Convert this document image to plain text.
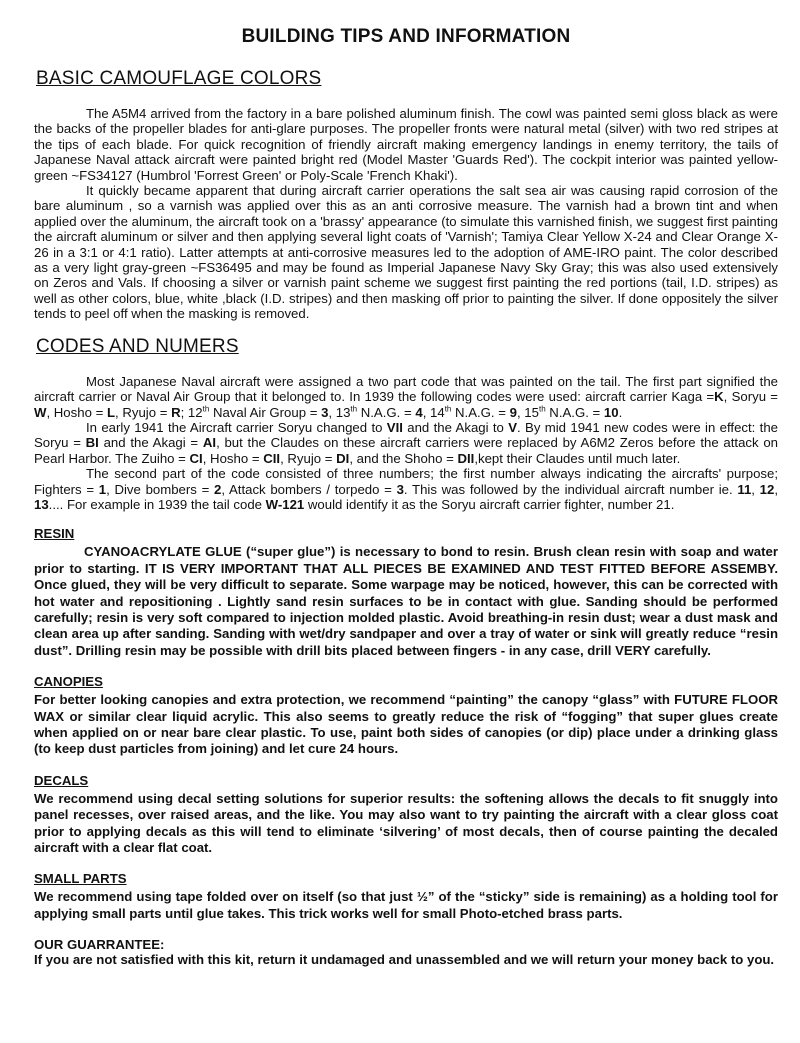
BUILDING TIPS AND INFORMATION
BASIC CAMOUFLAGE COLORS

The A5M4 arrived from the factory in a bare polished aluminum finish. The cowl was painted semi gloss black as were the backs of the propeller blades for anti-glare purposes. The propeller fronts were natural metal (silver) with two red stripes at the tips of each blade. For quick recognition of friendly aircraft making emergency landings in enemy territory, the tails of Japanese Naval attack aircraft were painted bright red (Model Master 'Guards Red'). The cockpit interior was painted yellow-green ~FS34127 (Humbrol 'Forrest Green' or Poly-Scale 'French Khaki').

It quickly became apparent that during aircraft carrier operations the salt sea air was causing rapid corrosion of the bare aluminum , so a varnish was applied over this as an anti corrosive measure. The varnish had a brown tint and when applied over the aluminum, the aircraft took on a 'brassy' appearance (to simulate this varnished finish, we suggest first painting the aircraft aluminum or silver and then applying several light coats of 'Varnish'; Tamiya Clear Yellow X-24 and Clear Orange X-26 in a 3:1 or 4:1 ratio). Latter attempts at anti-corrosive measures led to the adoption of AME-IRO paint. The color described as a very light gray-green ~FS36495 and may be found as Imperial Japanese Navy Sky Gray; this was also used extensively on Zeros and Vals. If choosing a silver or varnish paint scheme we suggest first painting the red portions (tail, I.D. stripes) as well as other colors, blue, white ,black (I.D. stripes) and then masking off prior to painting the silver. If done oppositely the silver tends to peel off when the masking is removed.

CODES AND NUMERS

Most Japanese Naval aircraft were assigned a two part code that was painted on the tail. The first part signified the aircraft carrier or Naval Air Group that it belonged to. In 1939 the following codes were used: aircraft carrier Kaga =K, Soryu = W, Hosho = L, Ryujo = R; 12th Naval Air Group = 3, 13th N.A.G. = 4, 14th N.A.G. = 9, 15th N.A.G. = 10.

In early 1941 the Aircraft carrier Soryu changed to VII and the Akagi to V. By mid 1941 new codes were in effect: the Soryu = BI and the Akagi = AI, but the Claudes on these aircraft carriers were replaced by A6M2 Zeros before the attack on Pearl Harbor. The Zuiho = CI, Hosho = CII, Ryujo = DI, and the Shoho = DII,kept their Claudes until much later.

The second part of the code consisted of three numbers; the first number always indicating the aircrafts' purpose; Fighters = 1, Dive bombers = 2, Attack bombers / torpedo = 3. This was followed by the individual aircraft number ie. 11, 12, 13.... For example in 1939 the tail code W-121 would identify it as the Soryu aircraft carrier fighter, number 21.

RESIN

CYANOACRYLATE GLUE (“super glue”) is necessary to bond to resin. Brush clean resin with soap and water prior to starting. IT IS VERY IMPORTANT THAT ALL PIECES BE EXAMINED AND TEST FITTED BEFORE ASSEMBY. Once glued, they will be very difficult to separate. Some warpage may be noticed, however, this can be corrected with hot water and repositioning . Lightly sand resin surfaces to be in contact with glue. Sanding should be performed carefully; resin is very soft compared to injection molded plastic. Avoid breathing-in resin dust; wear a dust mask and clean area up after sanding. Sanding with wet/dry sandpaper and over a tray of water or sink will greatly reduce “resin dust”. Drilling resin may be possible with drill bits placed between fingers - in any case, drill VERY carefully.

CANOPIES

For better looking canopies and extra protection, we recommend “painting” the canopy “glass” with FUTURE FLOOR WAX or similar clear liquid acrylic. This also seems to greatly reduce the risk of “fogging” that super glues create when applied on or near bare clear plastic. To use, paint both sides of canopies (or dip) place under a drinking glass (to keep dust particles from joining) and let cure 24 hours.

DECALS

We recommend using decal setting solutions for superior results: the softening allows the decals to fit snuggly into panel recesses, over raised areas, and the like. You may also want to try painting the aircraft with a clear gloss coat prior to applying decals as this will tend to eliminate ‘silvering’ of most decals, then of course painting the decaled aircraft with a clear flat coat.

SMALL PARTS

We recommend using tape folded over on itself (so that just ½” of the “sticky” side is remaining) as a holding tool for applying small parts until glue takes. This trick works well for small Photo-etched brass parts.

OUR GUARRANTEE:

If you are not satisfied with this kit, return it undamaged and unassembled and we will return your money back to you.
